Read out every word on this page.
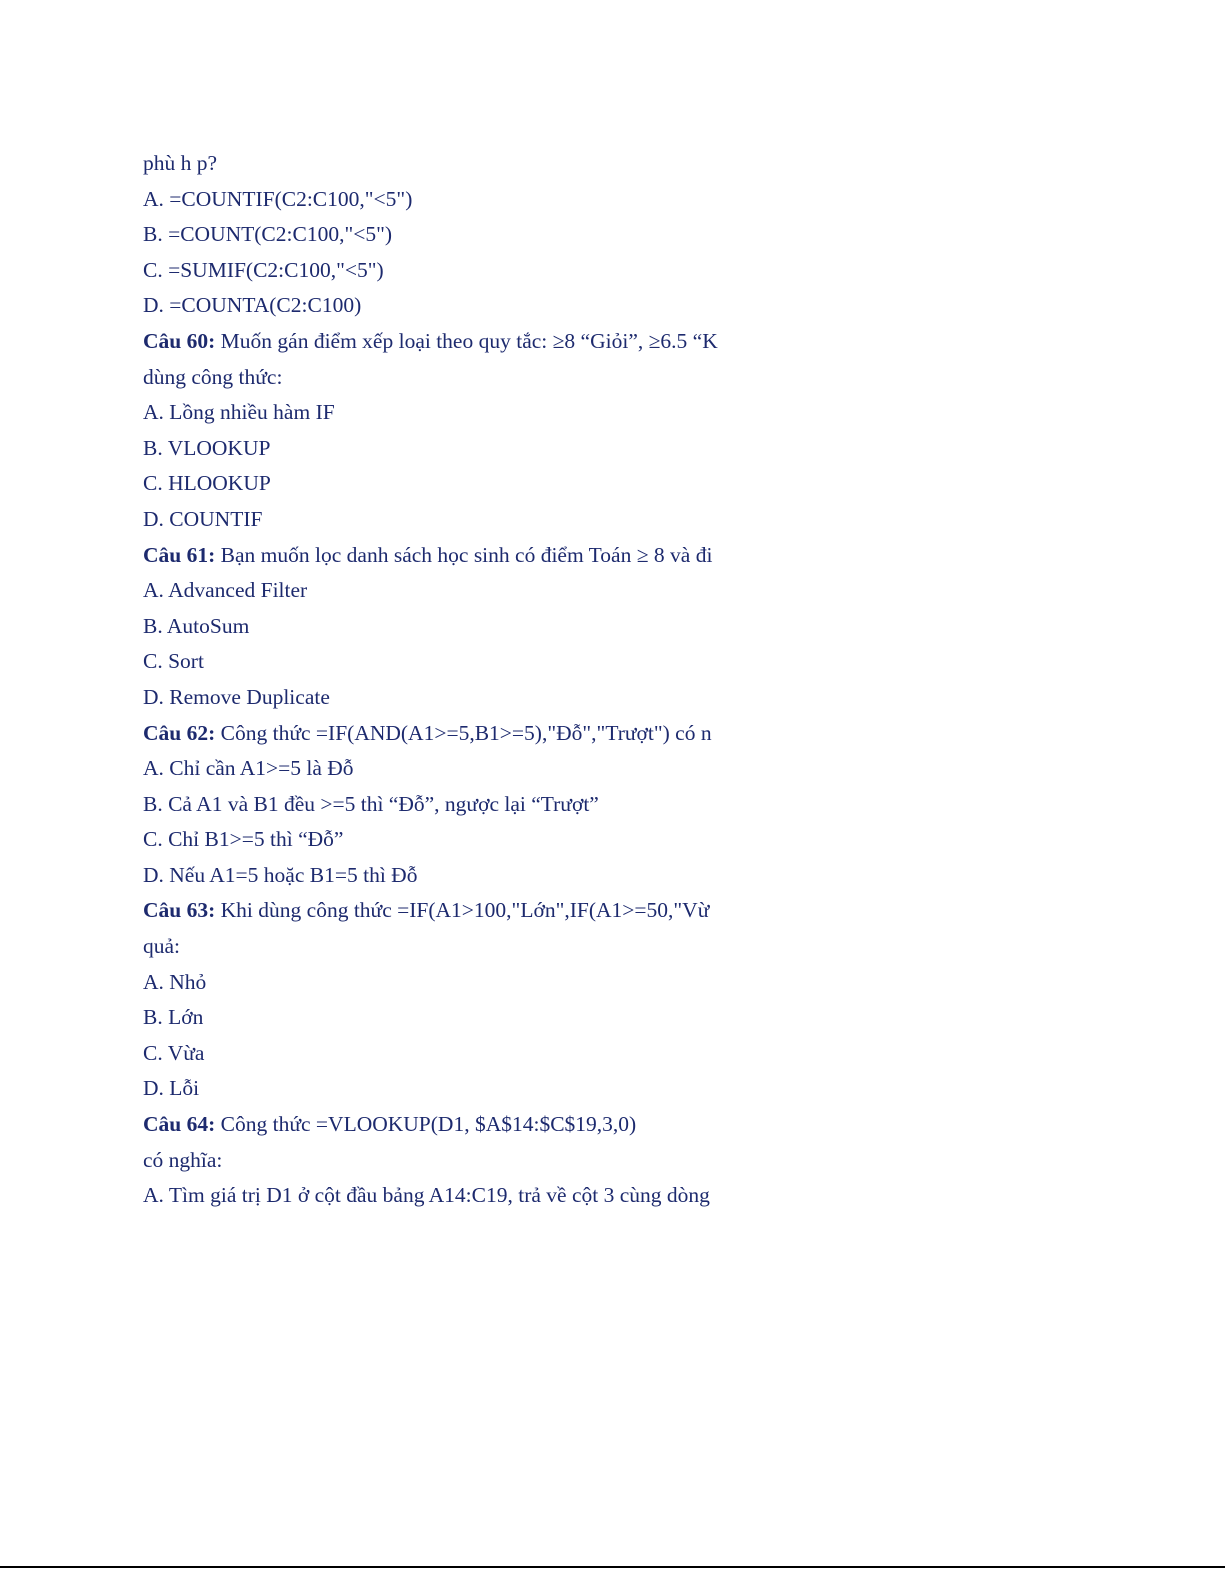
phù h p?
A. =COUNTIF(C2:C100,"<5")
B. =COUNT(C2:C100,"<5")
C. =SUMIF(C2:C100,"<5")
D. =COUNTA(C2:C100)
Câu 60: Muốn gán điểm xếp loại theo quy tắc: ≥8 “Giỏi”, ≥6.5 “K
dùng công thức:
A. Lồng nhiều hàm IF
B. VLOOKUP
C. HLOOKUP
D. COUNTIF
Câu 61: Bạn muốn lọc danh sách học sinh có điểm Toán ≥ 8 và đi
A. Advanced Filter
B. AutoSum
C. Sort
D. Remove Duplicate
Câu 62: Công thức =IF(AND(A1>=5,B1>=5),"Đỗ","Trượt") có n
A. Chỉ cần A1>=5 là Đỗ
B. Cả A1 và B1 đều >=5 thì “Đỗ”, ngược lại “Trượt”
C. Chỉ B1>=5 thì “Đỗ”
D. Nếu A1=5 hoặc B1=5 thì Đỗ
Câu 63: Khi dùng công thức =IF(A1>100,"Lớn",IF(A1>=50,"Vừ
quả:
A. Nhỏ
B. Lớn
C. Vừa
D. Lỗi
Câu 64: Công thức =VLOOKUP(D1, $A$14:$C$19,3,0)
có nghĩa:
A. Tìm giá trị D1 ở cột đầu bảng A14:C19, trả về cột 3 cùng dòng
